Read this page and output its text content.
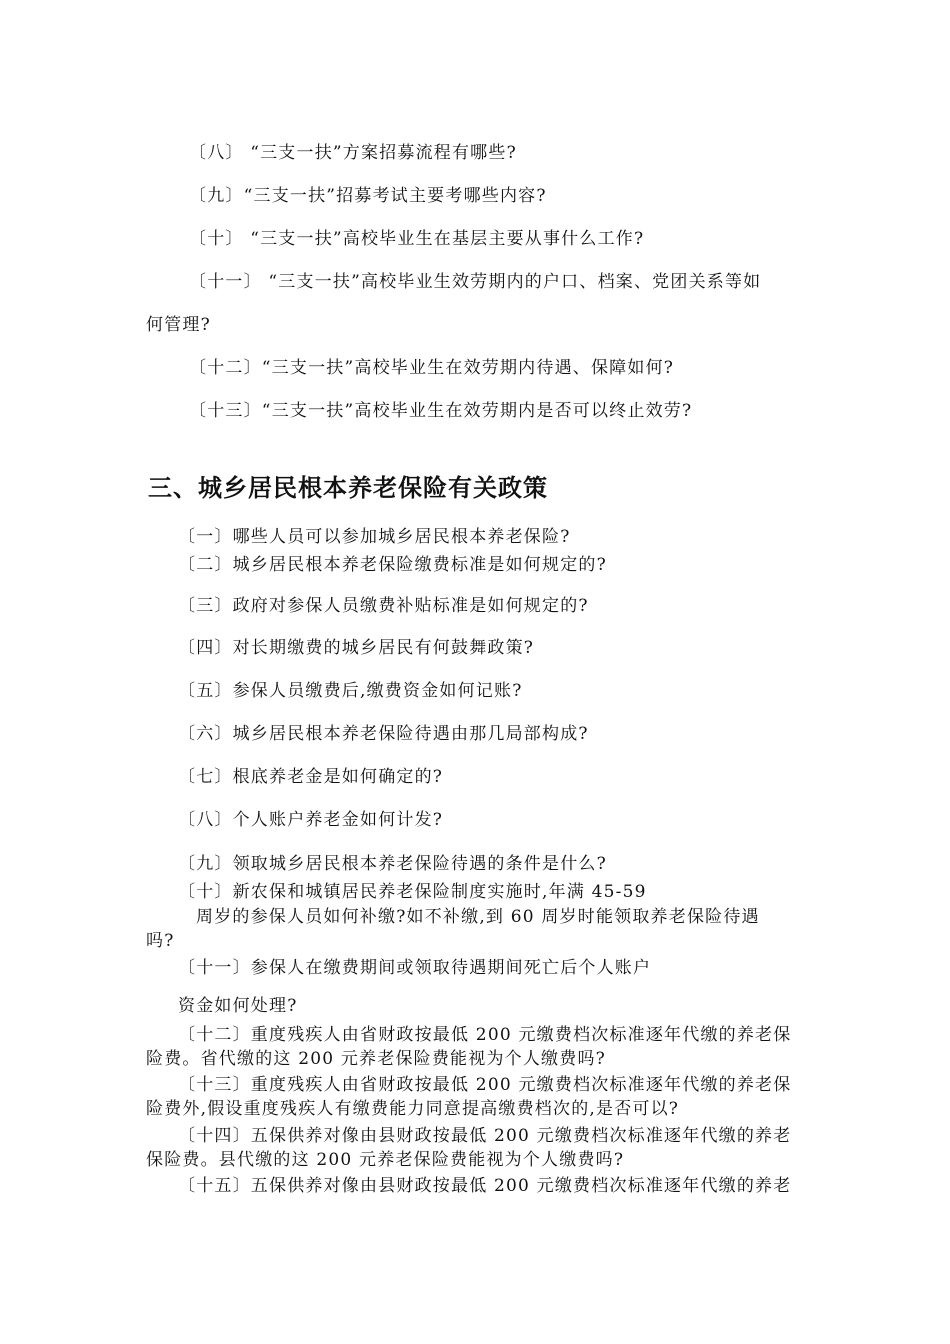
〔八〕 “三支一扶”方案招募流程有哪些?
〔九〕“三支一扶”招募考试主要考哪些内容?
〔十〕 “三支一扶”高校毕业生在基层主要从事什么工作?
〔十一〕 “三支一扶”高校毕业生效劳期内的户口、档案、党团关系等如
何管理?
〔十二〕“三支一扶”高校毕业生在效劳期内待遇、保障如何?
〔十三〕“三支一扶”高校毕业生在效劳期内是否可以终止效劳?
三、城乡居民根本养老保险有关政策
〔一〕哪些人员可以参加城乡居民根本养老保险?
〔二〕城乡居民根本养老保险缴费标准是如何规定的?
〔三〕政府对参保人员缴费补贴标准是如何规定的?
〔四〕对长期缴费的城乡居民有何鼓舞政策?
〔五〕参保人员缴费后,缴费资金如何记账?
〔六〕城乡居民根本养老保险待遇由那几局部构成?
〔七〕根底养老金是如何确定的?
〔八〕个人账户养老金如何计发?
〔九〕领取城乡居民根本养老保险待遇的条件是什么?
〔十〕新农保和城镇居民养老保险制度实施时,年满 45-59
周岁的参保人员如何补缴?如不补缴,到 60 周岁时能领取养老保险待遇
吗?
〔十一〕参保人在缴费期间或领取待遇期间死亡后个人账户
资金如何处理?
〔十二〕重度残疾人由省财政按最低 200 元缴费档次标准逐年代缴的养老保
险费。省代缴的这 200 元养老保险费能视为个人缴费吗?
〔十三〕重度残疾人由省财政按最低 200 元缴费档次标准逐年代缴的养老保
险费外,假设重度残疾人有缴费能力同意提高缴费档次的,是否可以?
〔十四〕五保供养对像由县财政按最低 200 元缴费档次标准逐年代缴的养老
保险费。县代缴的这 200 元养老保险费能视为个人缴费吗?
〔十五〕五保供养对像由县财政按最低 200 元缴费档次标准逐年代缴的养老
